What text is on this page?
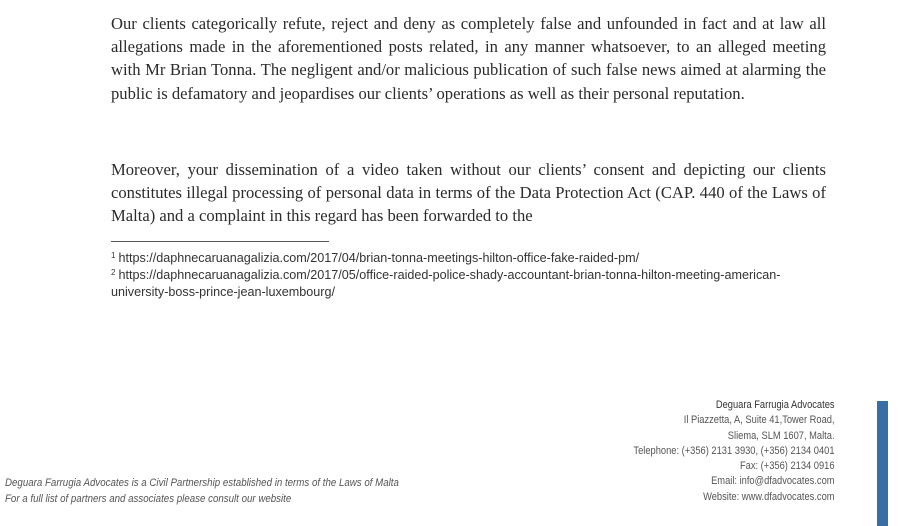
Our clients categorically refute, reject and deny as completely false and unfounded in fact and at law all allegations made in the aforementioned posts related, in any manner whatsoever, to an alleged meeting with Mr Brian Tonna. The negligent and/or malicious publication of such false news aimed at alarming the public is defamatory and jeopardises our clients’ operations as well as their personal reputation.

Moreover, your dissemination of a video taken without our clients’ consent and depicting our clients constitutes illegal processing of personal data in terms of the Data Protection Act (CAP. 440 of the Laws of Malta) and a complaint in this regard has been forwarded to the

$^1$ https://daphnecaruanagalizia.com/2017/04/brian-tonna-meetings-hilton-office-fake-raided-pm/

$^2$ https://daphnecaruanagalizia.com/2017/05/office-raided-police-shady-accountant-brian-tonna-hilton-meeting-american-university-boss-prince-jean-luxembourg/

Deguara Farrugia Advocates
Il Piazzetta, A, Suite 41,Tower Road,
Sliema, SLM 1607, Malta.
Telephone: (+356) 2131 3930, (+356) 2134 0401
Fax: (+356) 2134 0916
Email: info@dfadvocates.com
Website: www.dfadvocates.com
Deguara Farrugia Advocates is a Civil Partnership established in terms of the Laws of Malta
For a full list of partners and associates please consult our website
